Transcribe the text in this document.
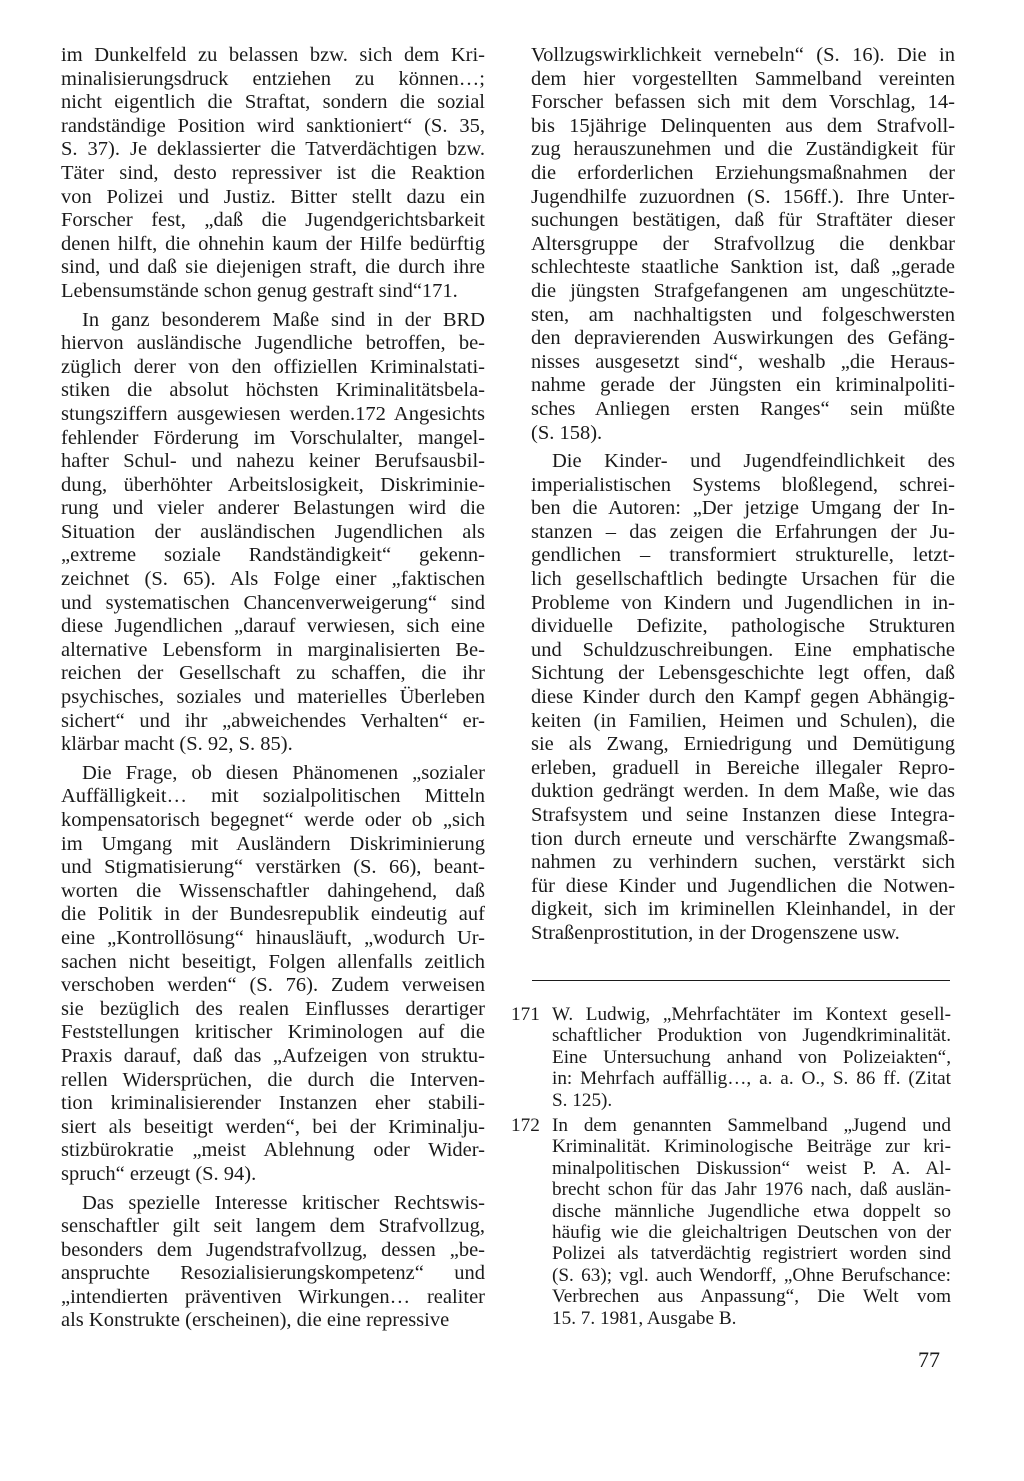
im Dunkelfeld zu belassen bzw. sich dem Kri-
minalisierungsdruck entziehen zu können…;
nicht eigentlich die Straftat, sondern die sozial
randständige Position wird sanktioniert“ (S. 35,
S. 37). Je deklassierter die Tatverdächtigen bzw.
Täter sind, desto repressiver ist die Reaktion
von Polizei und Justiz. Bitter stellt dazu ein
Forscher fest, „daß die Jugendgerichtsbarkeit
denen hilft, die ohnehin kaum der Hilfe bedürftig
sind, und daß sie diejenigen straft, die durch ihre
Lebensumstände schon genug gestraft sind“171.
In ganz besonderem Maße sind in der BRD
hiervon ausländische Jugendliche betroffen, be-
züglich derer von den offiziellen Kriminalstati-
stiken die absolut höchsten Kriminalitätsbela-
stungsziffern ausgewiesen werden.172 Angesichts
fehlender Förderung im Vorschulalter, mangel-
hafter Schul- und nahezu keiner Berufsausbil-
dung, überhöhter Arbeitslosigkeit, Diskriminie-
rung und vieler anderer Belastungen wird die
Situation der ausländischen Jugendlichen als
„extreme soziale Randständigkeit“ gekenn-
zeichnet (S. 65). Als Folge einer „faktischen
und systematischen Chancenverweigerung“ sind
diese Jugendlichen „darauf verwiesen, sich eine
alternative Lebensform in marginalisierten Be-
reichen der Gesellschaft zu schaffen, die ihr
psychisches, soziales und materielles Überleben
sichert“ und ihr „abweichendes Verhalten“ er-
klärbar macht (S. 92, S. 85).
Die Frage, ob diesen Phänomenen „sozialer
Auffälligkeit… mit sozialpolitischen Mitteln
kompensatorisch begegnet“ werde oder ob „sich
im Umgang mit Ausländern Diskriminierung
und Stigmatisierung“ verstärken (S. 66), beant-
worten die Wissenschaftler dahingehend, daß
die Politik in der Bundesrepublik eindeutig auf
eine „Kontrollösung“ hinausläuft, „wodurch Ur-
sachen nicht beseitigt, Folgen allenfalls zeitlich
verschoben werden“ (S. 76). Zudem verweisen
sie bezüglich des realen Einflusses derartiger
Feststellungen kritischer Kriminologen auf die
Praxis darauf, daß das „Aufzeigen von struktu-
rellen Widersprüchen, die durch die Interven-
tion kriminalisierender Instanzen eher stabili-
siert als beseitigt werden“, bei der Kriminalju-
stizbürokratie „meist Ablehnung oder Wider-
spruch“ erzeugt (S. 94).
Das spezielle Interesse kritischer Rechtswis-
senschaftler gilt seit langem dem Strafvollzug,
besonders dem Jugendstrafvollzug, dessen „be-
anspruchte Resozialisierungskompetenz“ und
„intendierten präventiven Wirkungen… realiter
als Konstrukte (erscheinen), die eine repressive
Vollzugswirklichkeit vernebeln“ (S. 16). Die in
dem hier vorgestellten Sammelband vereinten
Forscher befassen sich mit dem Vorschlag, 14-
bis 15jährige Delinquenten aus dem Strafvoll-
zug herauszunehmen und die Zuständigkeit für
die erforderlichen Erziehungsmaßnahmen der
Jugendhilfe zuzuordnen (S. 156ff.). Ihre Unter-
suchungen bestätigen, daß für Straftäter dieser
Altersgruppe der Strafvollzug die denkbar
schlechteste staatliche Sanktion ist, daß „gerade
die jüngsten Strafgefangenen am ungeschützte-
sten, am nachhaltigsten und folgeschwersten
den depravierenden Auswirkungen des Gefäng-
nisses ausgesetzt sind“, weshalb „die Heraus-
nahme gerade der Jüngsten ein kriminalpoliti-
sches Anliegen ersten Ranges“ sein müßte
(S. 158).
Die Kinder- und Jugendfeindlichkeit des
imperialistischen Systems bloßlegend, schrei-
ben die Autoren: „Der jetzige Umgang der In-
stanzen – das zeigen die Erfahrungen der Ju-
gendlichen – transformiert strukturelle, letzt-
lich gesellschaftlich bedingte Ursachen für die
Probleme von Kindern und Jugendlichen in in-
dividuelle Defizite, pathologische Strukturen
und Schuldzuschreibungen. Eine emphatische
Sichtung der Lebensgeschichte legt offen, daß
diese Kinder durch den Kampf gegen Abhängig-
keiten (in Familien, Heimen und Schulen), die
sie als Zwang, Erniedrigung und Demütigung
erleben, graduell in Bereiche illegaler Repro-
duktion gedrängt werden. In dem Maße, wie das
Strafsystem und seine Instanzen diese Integra-
tion durch erneute und verschärfte Zwangsmaß-
nahmen zu verhindern suchen, verstärkt sich
für diese Kinder und Jugendlichen die Notwen-
digkeit, sich im kriminellen Kleinhandel, in der
Straßenprostitution, in der Drogenszene usw.
171 W. Ludwig, „Mehrfachtäter im Kontext gesell-
schaftlicher Produktion von Jugendkriminalität.
Eine Untersuchung anhand von Polizeiakten“,
in: Mehrfach auffällig…, a. a. O., S. 86 ff. (Zitat
S. 125).
172 In dem genannten Sammelband „Jugend und
Kriminalität. Kriminologische Beiträge zur kri-
minalpolitischen Diskussion“ weist P. A. Al-
brecht schon für das Jahr 1976 nach, daß auslän-
dische männliche Jugendliche etwa doppelt so
häufig wie die gleichaltrigen Deutschen von der
Polizei als tatverdächtig registriert worden sind
(S. 63); vgl. auch Wendorff, „Ohne Berufschance:
Verbrechen aus Anpassung“, Die Welt vom
15. 7. 1981, Ausgabe B.
77
